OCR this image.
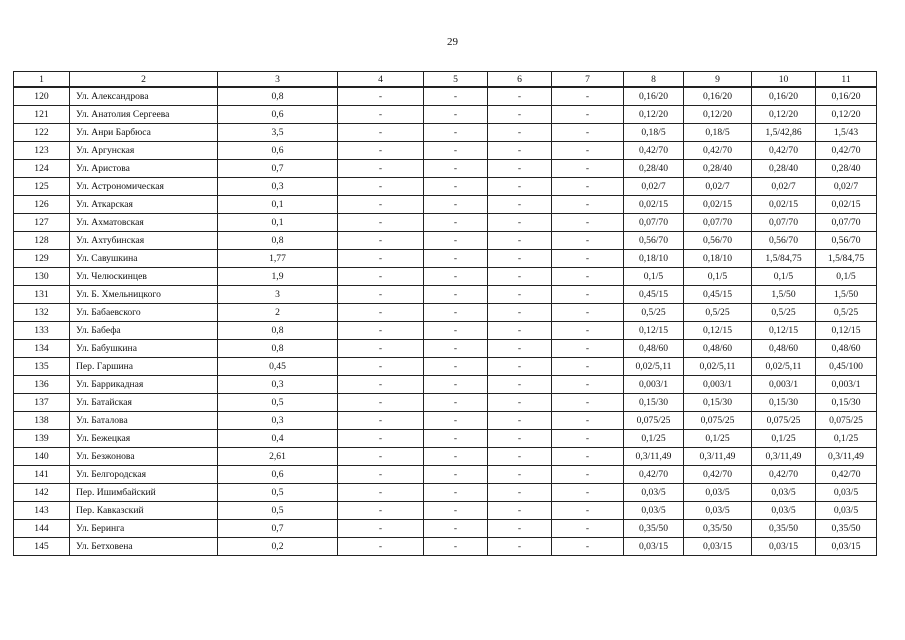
29
1	2	3	4	5	6	7	8	9	10	11
120	Ул. Александрова	0,8	-	-	-	-	0,16/20	0,16/20	0,16/20	0,16/20
121	Ул. Анатолия Сергеева	0,6	-	-	-	-	0,12/20	0,12/20	0,12/20	0,12/20
122	Ул. Анри Барбюса	3,5	-	-	-	-	0,18/5	0,18/5	1,5/42,86	1,5/43
123	Ул. Аргунская	0,6	-	-	-	-	0,42/70	0,42/70	0,42/70	0,42/70
124	Ул. Аристова	0,7	-	-	-	-	0,28/40	0,28/40	0,28/40	0,28/40
125	Ул. Астрономическая	0,3	-	-	-	-	0,02/7	0,02/7	0,02/7	0,02/7
126	Ул. Аткарская	0,1	-	-	-	-	0,02/15	0,02/15	0,02/15	0,02/15
127	Ул. Ахматовская	0,1	-	-	-	-	0,07/70	0,07/70	0,07/70	0,07/70
128	Ул. Ахтубинская	0,8	-	-	-	-	0,56/70	0,56/70	0,56/70	0,56/70
129	Ул. Савушкина	1,77	-	-	-	-	0,18/10	0,18/10	1,5/84,75	1,5/84,75
130	Ул. Челюскинцев	1,9	-	-	-	-	0,1/5	0,1/5	0,1/5	0,1/5
131	Ул. Б. Хмельницкого	3	-	-	-	-	0,45/15	0,45/15	1,5/50	1,5/50
132	Ул. Бабаевского	2	-	-	-	-	0,5/25	0,5/25	0,5/25	0,5/25
133	Ул. Бабефа	0,8	-	-	-	-	0,12/15	0,12/15	0,12/15	0,12/15
134	Ул. Бабушкина	0,8	-	-	-	-	0,48/60	0,48/60	0,48/60	0,48/60
135	Пер. Гаршина	0,45	-	-	-	-	0,02/5,11	0,02/5,11	0,02/5,11	0,45/100
136	Ул. Баррикадная	0,3	-	-	-	-	0,003/1	0,003/1	0,003/1	0,003/1
137	Ул. Батайская	0,5	-	-	-	-	0,15/30	0,15/30	0,15/30	0,15/30
138	Ул. Баталова	0,3	-	-	-	-	0,075/25	0,075/25	0,075/25	0,075/25
139	Ул. Бежецкая	0,4	-	-	-	-	0,1/25	0,1/25	0,1/25	0,1/25
140	Ул. Безжонова	2,61	-	-	-	-	0,3/11,49	0,3/11,49	0,3/11,49	0,3/11,49
141	Ул. Белгородская	0,6	-	-	-	-	0,42/70	0,42/70	0,42/70	0,42/70
142	Пер. Ишимбайский	0,5	-	-	-	-	0,03/5	0,03/5	0,03/5	0,03/5
143	Пер. Кавказский	0,5	-	-	-	-	0,03/5	0,03/5	0,03/5	0,03/5
144	Ул. Беринга	0,7	-	-	-	-	0,35/50	0,35/50	0,35/50	0,35/50
145	Ул. Бетховена	0,2	-	-	-	-	0,03/15	0,03/15	0,03/15	0,03/15
